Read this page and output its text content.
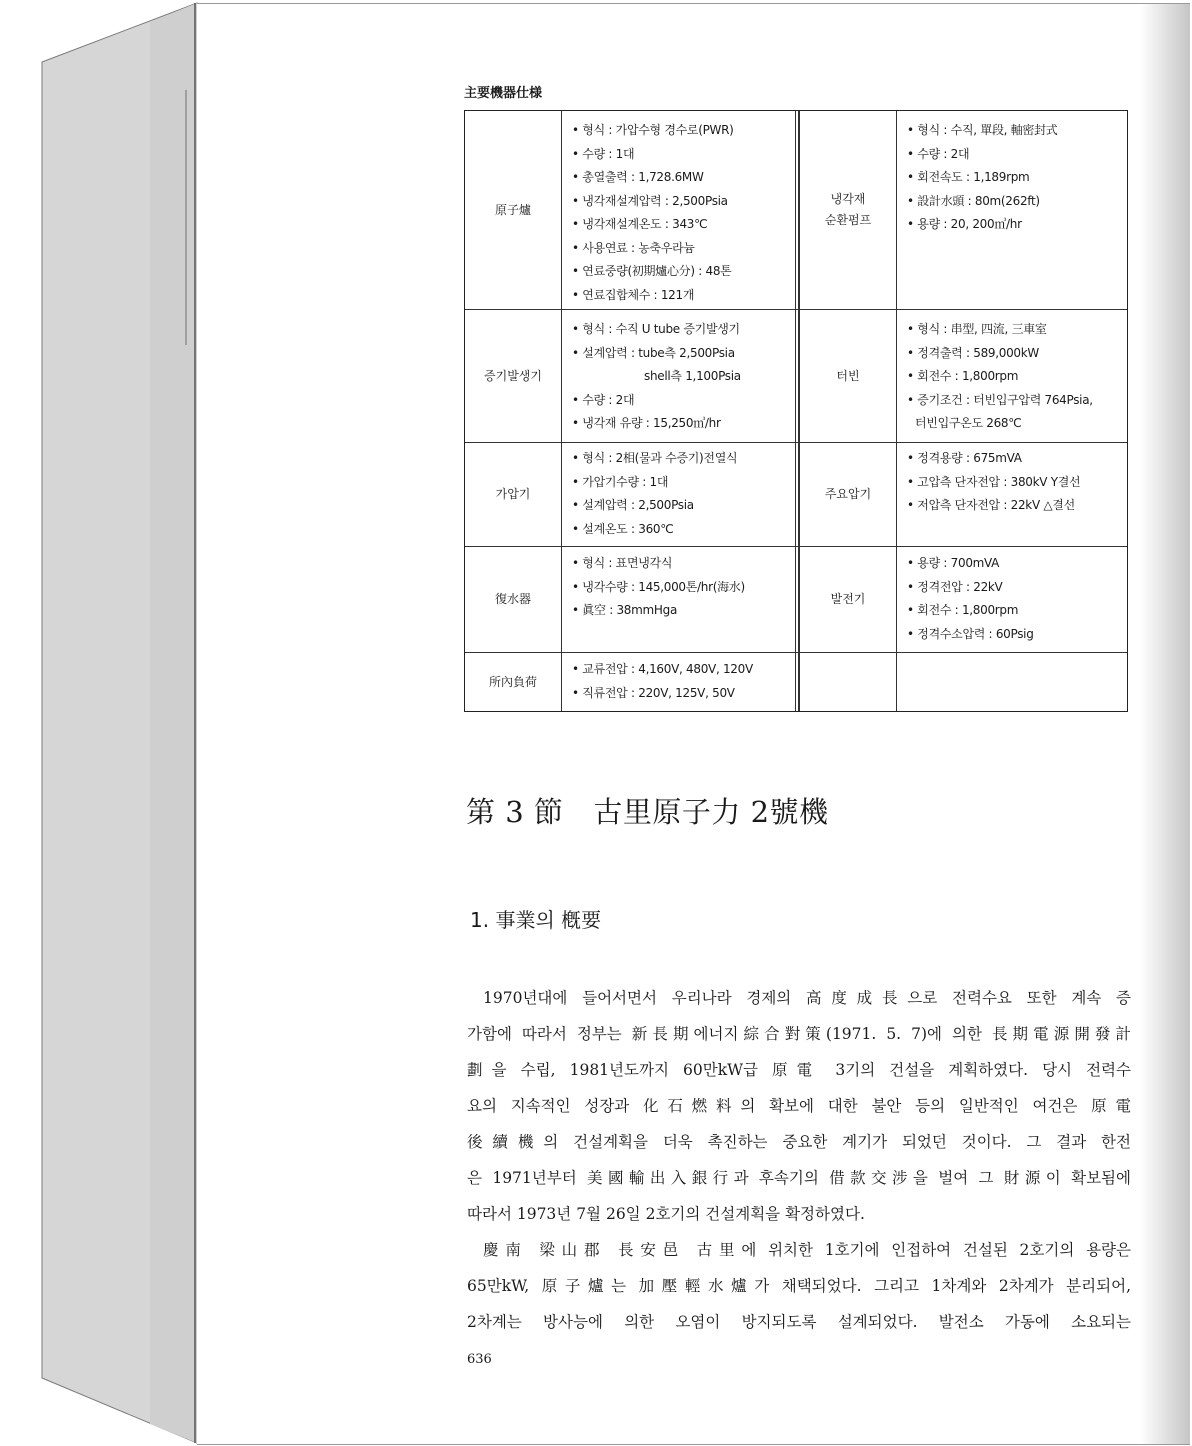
主要機器仕様
原子爐
• 형식 : 가압수형 경수로(PWR)
• 수량 : 1대
• 총열출력 : 1,728.6MW
• 냉각재설계압력 : 2,500Psia
• 냉각재설계온도 : 343℃
• 사용연료 : 농축우라늄
• 연료중량(初期爐心分) : 48톤
• 연료집합체수 : 121개
냉각재
순환펌프
• 형식 : 수직, 單段, 軸密封式
• 수량 : 2대
• 회전속도 : 1,189rpm
• 設計水頭 : 80m(262ft)
• 용량 : 20, 200㎥/hr
증기발생기
• 형식 : 수직 U tube 증기발생기
• 설계압력 : tube측 2,500Psia
shell측 1,100Psia
• 수량 : 2대
• 냉각재 유량 : 15,250㎥/hr
터빈
• 형식 : 串型, 四流, 三車室
• 정격출력 : 589,000kW
• 회전수 : 1,800rpm
• 증기조건 : 터빈입구압력 764Psia,
터빈입구온도 268℃
가압기
• 형식 : 2相(물과 수증기)전열식
• 가압기수량 : 1대
• 설계압력 : 2,500Psia
• 설계온도 : 360℃
주요압기
• 정격용량 : 675mVA
• 고압측 단자전압 : 380kV Y결선
• 저압측 단자전압 : 22kV △결선
復水器
• 형식 : 표면냉각식
• 냉각수량 : 145,000톤/hr(海水)
• 眞空 : 38mmHga
발전기
• 용량 : 700mVA
• 정격전압 : 22kV
• 회전수 : 1,800rpm
• 정격수소압력 : 60Psig
所內負荷
• 교류전압 : 4,160V, 480V, 120V
• 직류전압 : 220V, 125V, 50V
第 3 節 古里原子力 2號機
1. 事業의 槪要
1970년대에 들어서면서 우리나라 경제의 高度成長으로 전력수요 또한 계속 증
가함에 따라서 정부는 新長期에너지綜合對策(1971. 5. 7)에 의한 長期電源開發計
劃을 수립, 1981년도까지 60만kW급 原電 3기의 건설을 계획하였다. 당시 전력수
요의 지속적인 성장과 化石燃料의 확보에 대한 불안 등의 일반적인 여건은 原電
後續機의 건설계획을 더욱 촉진하는 중요한 계기가 되었던 것이다. 그 결과 한전
은 1971년부터 美國輸出入銀行과 후속기의 借款交涉을 벌여 그 財源이 확보됨에
따라서 1973년 7월 26일 2호기의 건설계획을 확정하였다.
慶南 梁山郡 長安邑 古里에 위치한 1호기에 인접하여 건설된 2호기의 용량은
65만kW, 原子爐는 加壓輕水爐가 채택되었다. 그리고 1차계와 2차계가 분리되어,
2차계는 방사능에 의한 오염이 방지되도록 설계되었다. 발전소 가동에 소요되는
636
